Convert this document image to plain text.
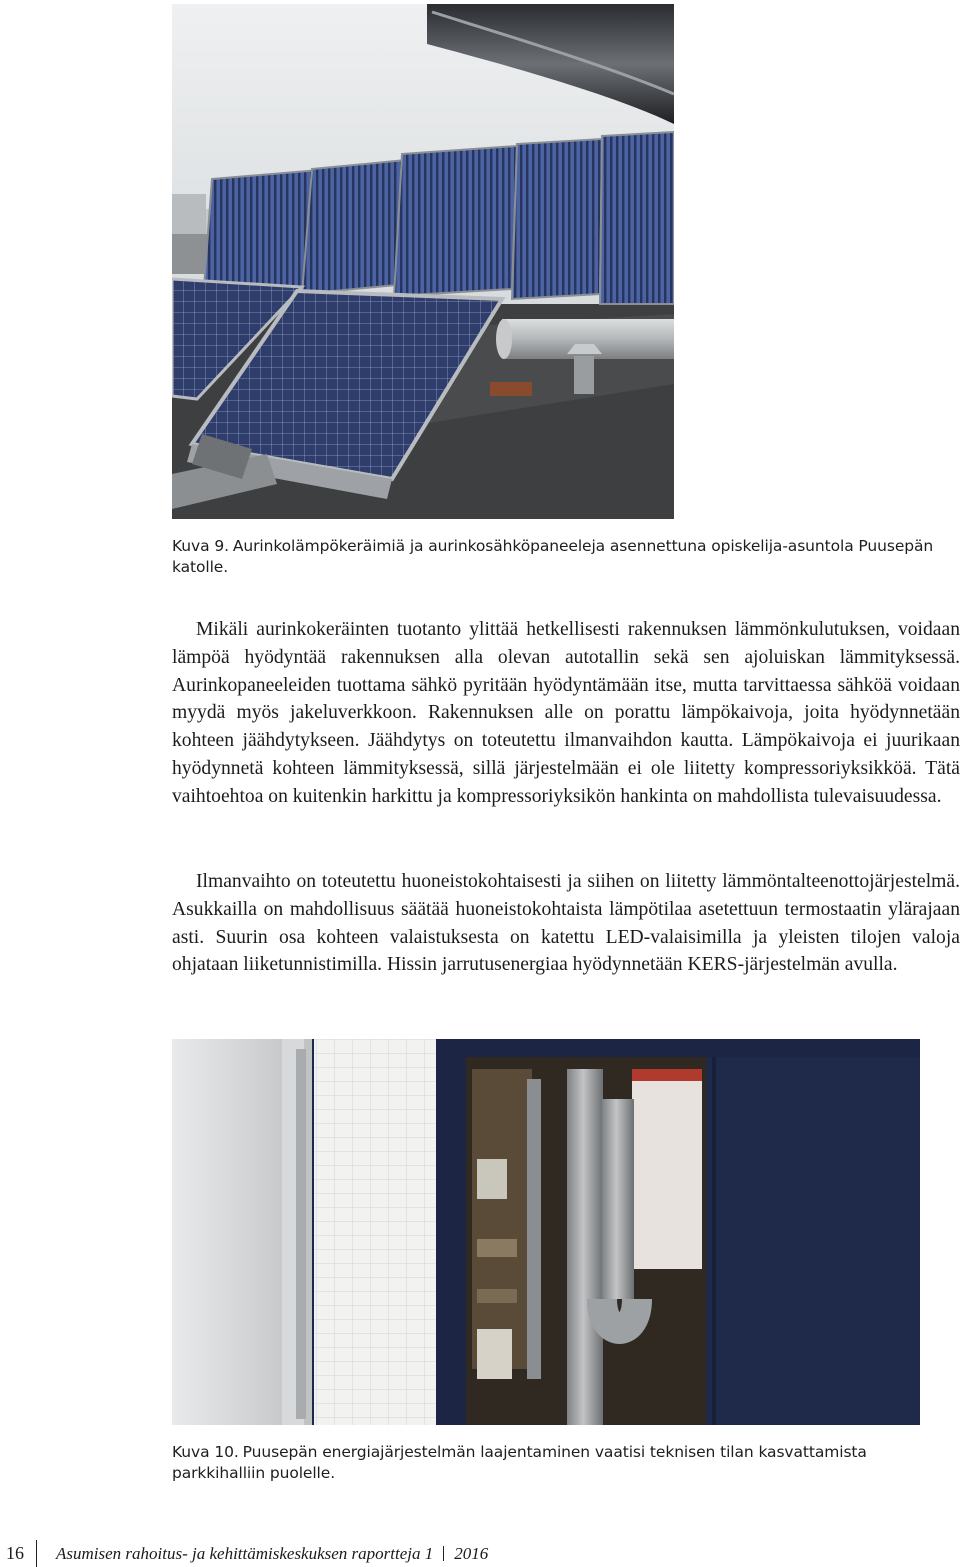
Kuva 9. Aurinkolämpökeräimiä ja aurinkosähköpaneeleja asennettuna opiskelija-asuntola Puusepän katolle.

Mikäli aurinkokeräinten tuotanto ylittää hetkellisesti rakennuksen lämmönkulutuksen, voidaan lämpöä hyödyntää rakennuksen alla olevan autotallin sekä sen ajoluiskan lämmityksessä. Aurinkopaneeleiden tuottama sähkö pyritään hyödyntämään itse, mutta tarvittaessa sähköä voidaan myydä myös jakeluverkkoon. Rakennuksen alle on porattu lämpökaivoja, joita hyödynnetään kohteen jäähdytykseen. Jäähdytys on toteutettu ilmanvaihdon kautta. Lämpökaivoja ei juurikaan hyödynnetä kohteen lämmityksessä, sillä järjestelmään ei ole liitetty kompressoriyksikköä. Tätä vaihtoehtoa on kuitenkin harkittu ja kompressoriyksikön hankinta on mahdollista tulevaisuudessa.

Ilmanvaihto on toteutettu huoneistokohtaisesti ja siihen on liitetty lämmöntalteenottojärjestelmä. Asukkailla on mahdollisuus säätää huoneistokohtaista lämpötilaa asetettuun termostaatin ylärajaan asti. Suurin osa kohteen valaistuksesta on katettu LED-valaisimilla ja yleisten tilojen valoja ohjataan liiketunnistimilla. Hissin jarrutusenergiaa hyödynnetään KERS-järjestelmän avulla.

Kuva 10. Puusepän energiajärjestelmän laajentaminen vaatisi teknisen tilan kasvattamista parkkihalliin puolelle.
16 Asumisen rahoitus- ja kehittämiskeskuksen raportteja 1 2016
